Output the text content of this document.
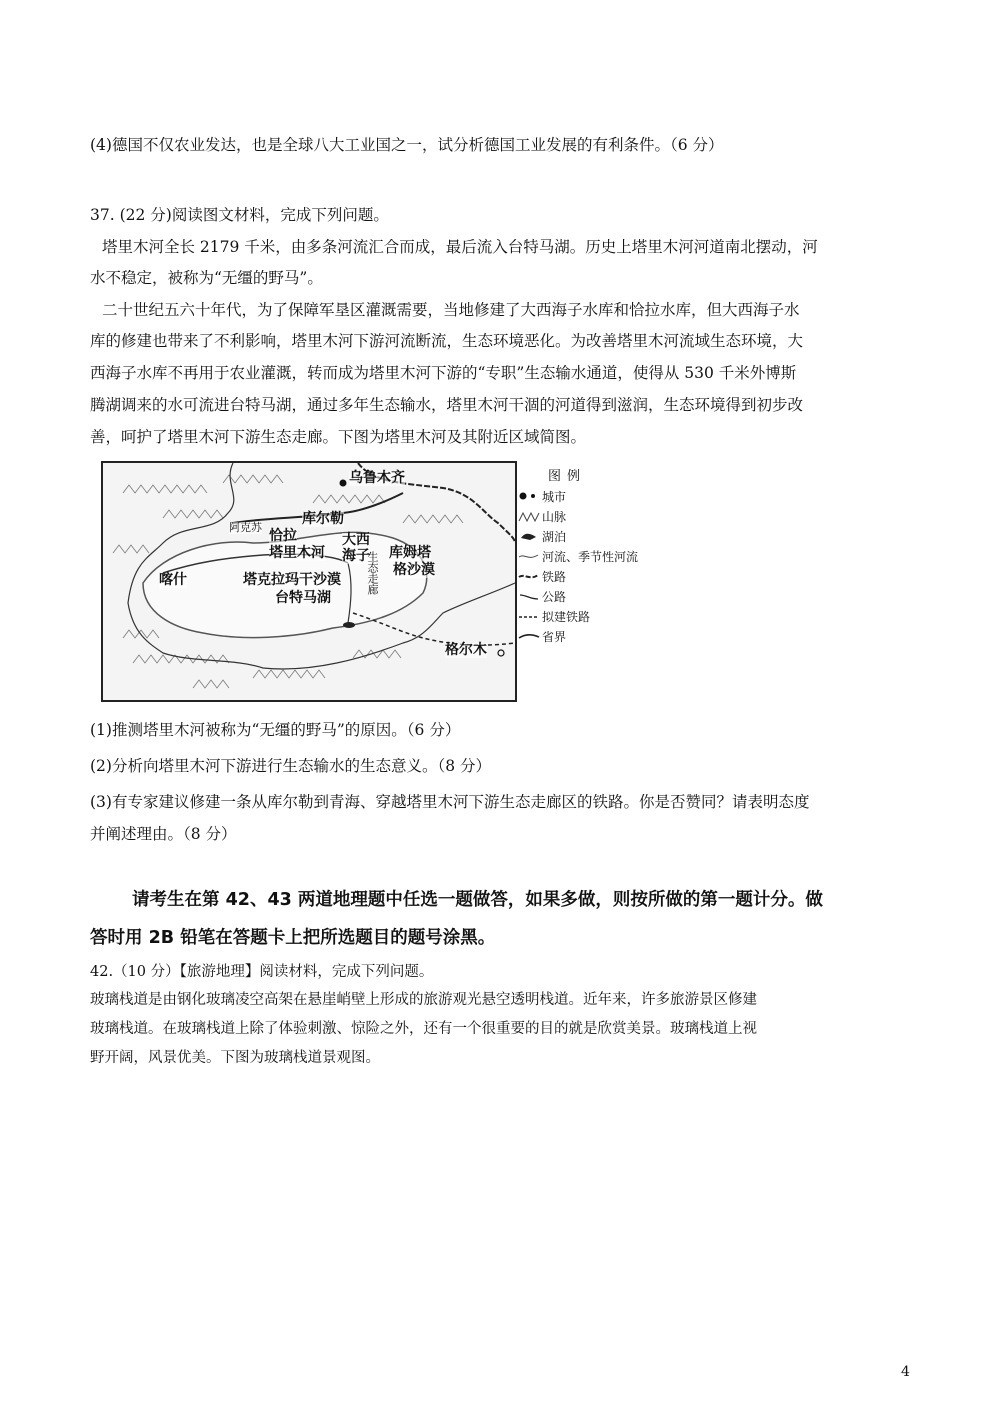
(4)德国不仅农业发达，也是全球八大工业国之一，试分析德国工业发展的有利条件。（6 分）
37. (22 分)阅读图文材料，完成下列问题。
塔里木河全长 2179 千米，由多条河流汇合而成，最后流入台特马湖。历史上塔里木河河道南北摆动，河
水不稳定，被称为“无缰的野马”。
二十世纪五六十年代，为了保障军垦区灌溉需要，当地修建了大西海子水库和恰拉水库，但大西海子水
库的修建也带来了不利影响，塔里木河下游河流断流，生态环境恶化。为改善塔里木河流域生态环境，大
西海子水库不再用于农业灌溉，转而成为塔里木河下游的“专职”生态输水通道，使得从 530 千米外博斯
腾湖调来的水可流进台特马湖，通过多年生态输水，塔里木河干涸的河道得到滋润，生态环境得到初步改
善，呵护了塔里木河下游生态走廊。下图为塔里木河及其附近区域简图。
乌鲁木齐
阿克苏
库尔勒
恰拉
塔里木河
大西
海子
生态走廊 库姆塔
格沙漠
喀什	塔克拉玛干沙漠
台特马湖
格尔木
图例
城市
山脉
湖泊
河流、季节性河流
铁路
公路
拟建铁路
省界
(1)推测塔里木河被称为“无缰的野马”的原因。（6 分）
(2)分析向塔里木河下游进行生态输水的生态意义。（8 分）
(3)有专家建议修建一条从库尔勒到青海、穿越塔里木河下游生态走廊区的铁路。你是否赞同？请表明态度
并阐述理由。（8 分）
请考生在第 42、43 两道地理题中任选一题做答，如果多做，则按所做的第一题计分。做
答时用 2B 铅笔在答题卡上把所选题目的题号涂黑。
42.（10 分）【旅游地理】阅读材料，完成下列问题。
玻璃栈道是由钢化玻璃凌空高架在悬崖峭壁上形成的旅游观光悬空透明栈道。近年来，许多旅游景区修建
玻璃栈道。在玻璃栈道上除了体验刺激、惊险之外，还有一个很重要的目的就是欣赏美景。玻璃栈道上视
野开阔，风景优美。下图为玻璃栈道景观图。
4
